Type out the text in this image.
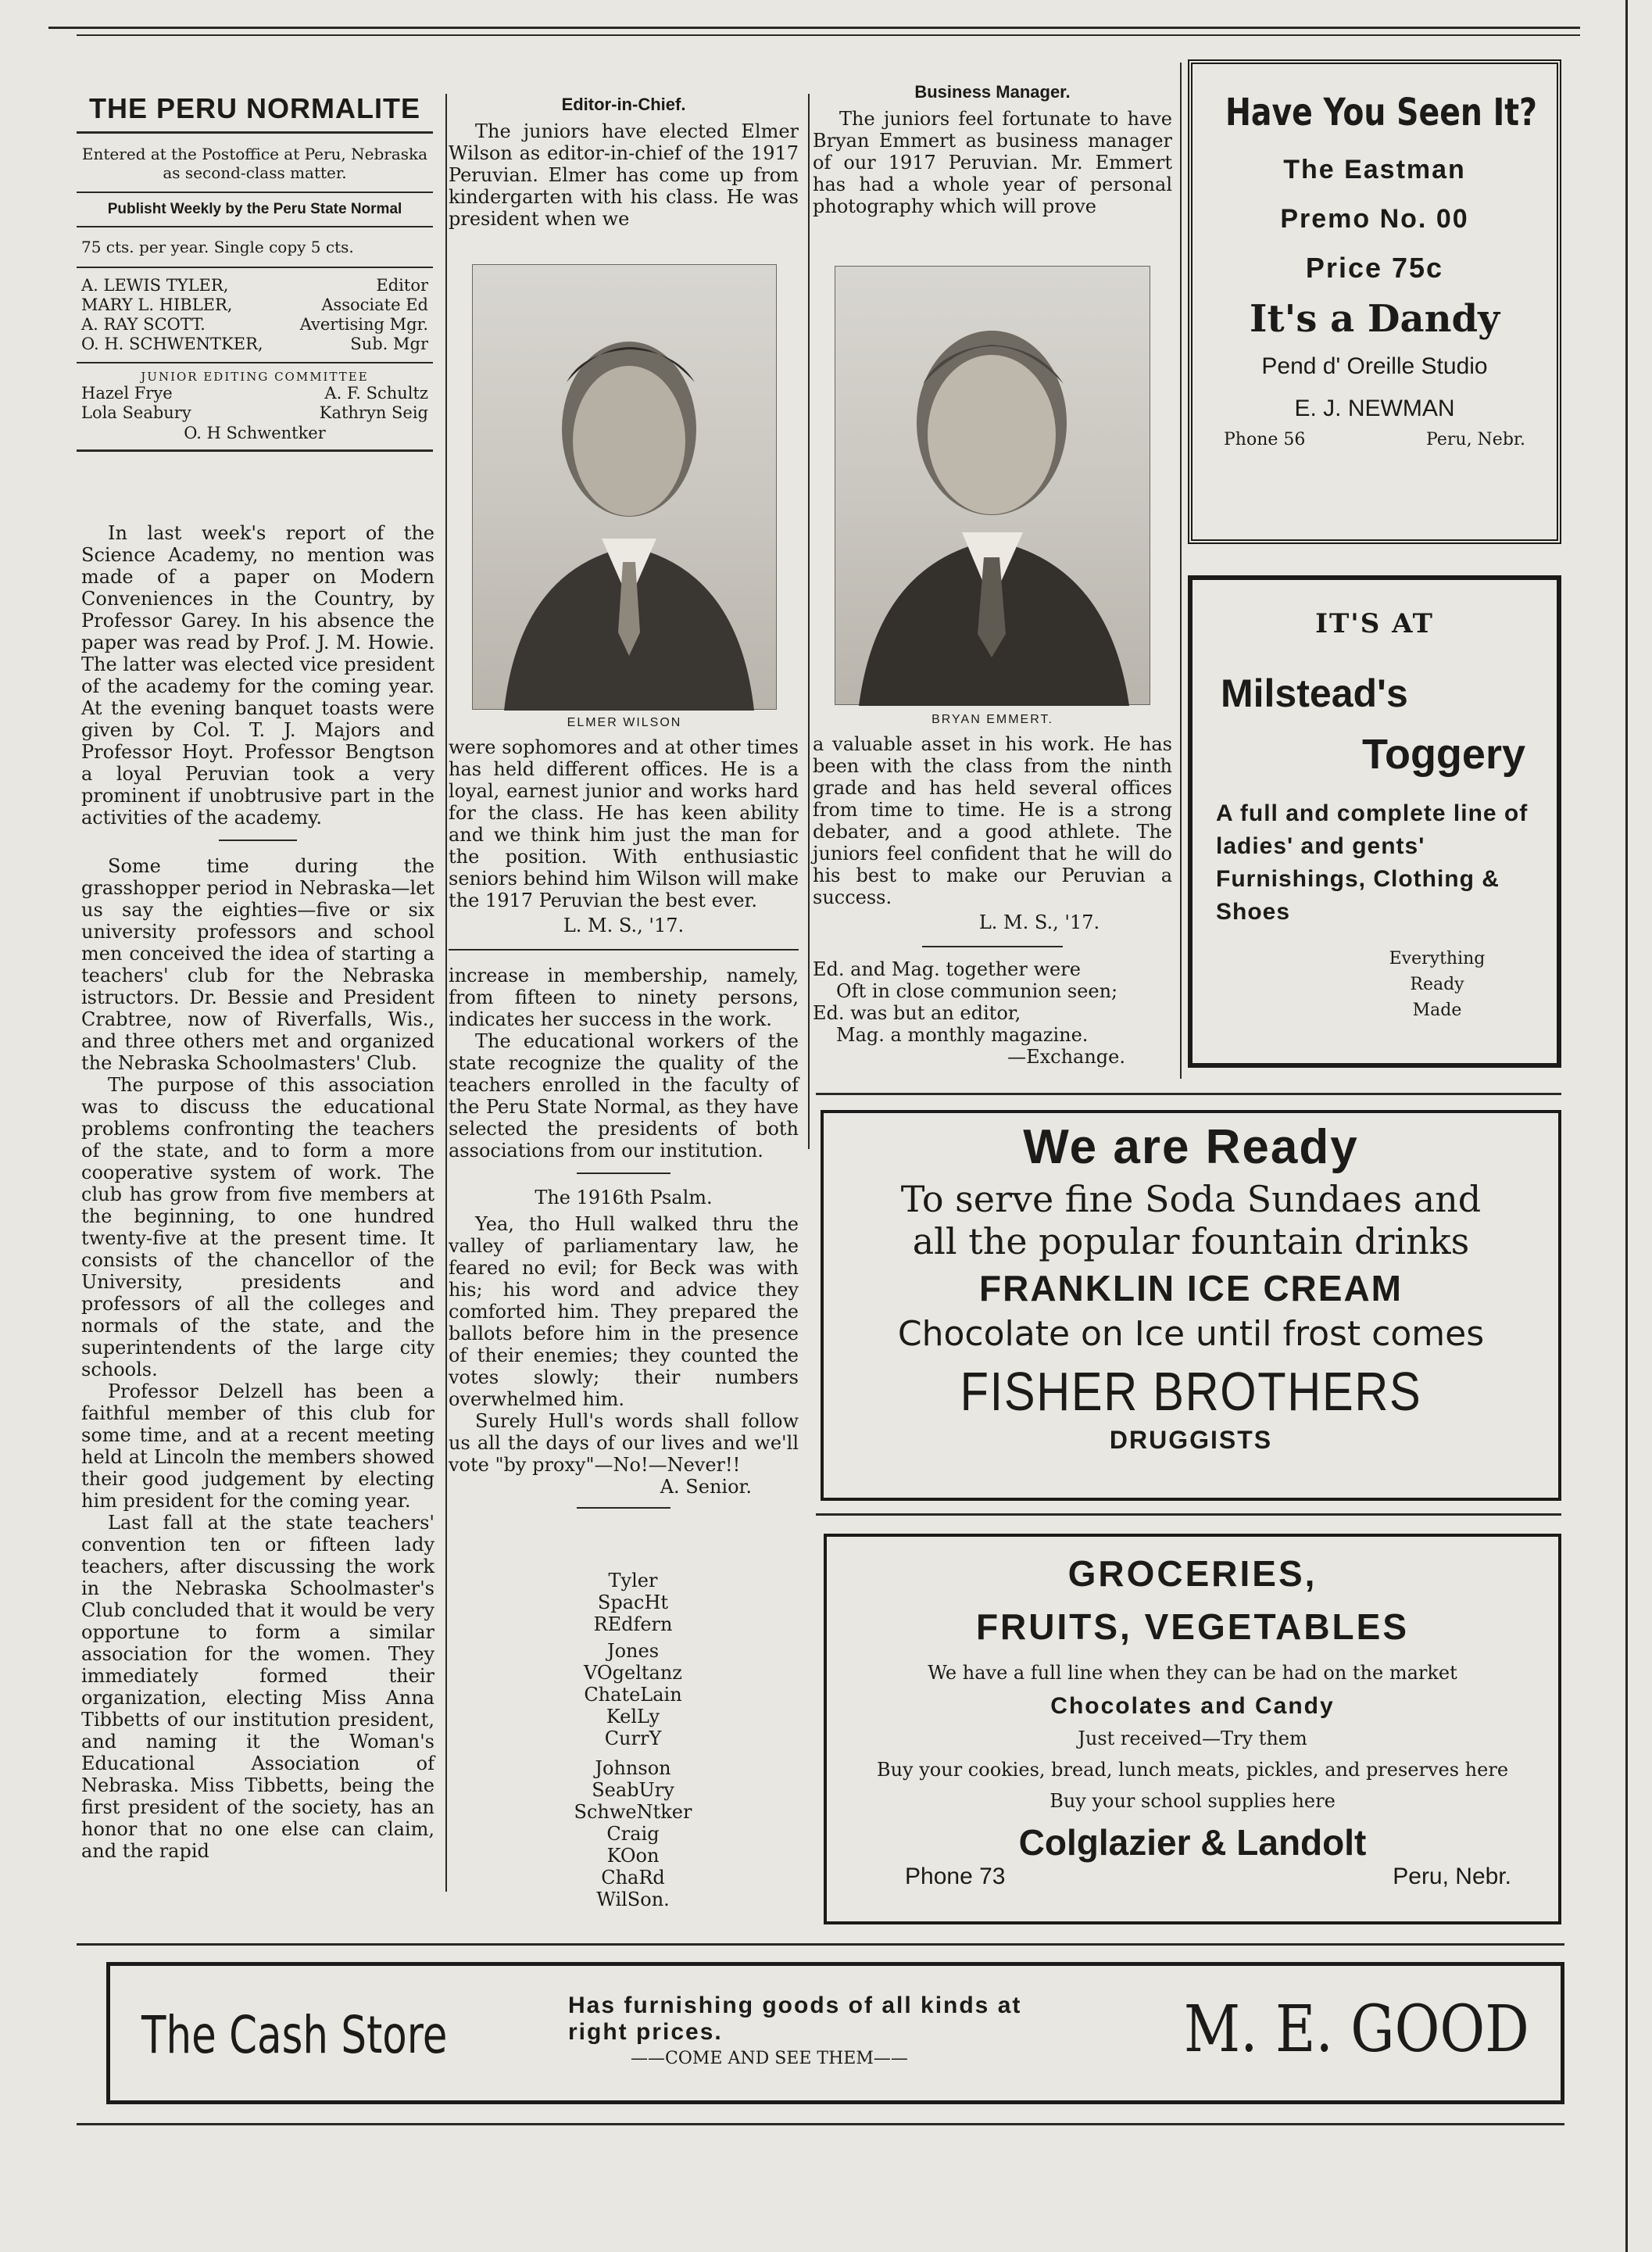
THE PERU NORMALITE
Entered at the Postoffice at Peru, Nebraska as second-class matter.
Publisht Weekly by the Peru State Normal
75 cts. per year. Single copy 5 cts.
A. LEWIS TYLER,	Editor
MARY L. HIBLER,	Associate Ed
A. RAY SCOTT.	Avertising Mgr.
O. H. SCHWENTKER,	Sub. Mgr
JUNIOR EDITING COMMITTEE
Hazel Frye	A. F. Schultz
Lola Seabury	Kathryn Seig
O. H Schwentker

In last week's report of the Science Academy, no mention was made of a paper on Modern Conveniences in the Country, by Professor Garey. In his absence the paper was read by Prof. J. M. Howie. The latter was elected vice president of the academy for the coming year. At the evening banquet toasts were given by Col. T. J. Majors and Professor Hoyt. Professor Bengtson a loyal Peruvian took a very prominent if unobtrusive part in the activities of the academy.

Some time during the grasshopper period in Nebraska—let us say the eighties—five or six university professors and school men conceived the idea of starting a teachers' club for the Nebraska istructors. Dr. Bessie and President Crabtree, now of Riverfalls, Wis., and three others met and organized the Nebraska Schoolmasters' Club.

The purpose of this association was to discuss the educational problems confronting the teachers of the state, and to form a more cooperative system of work. The club has grow from five members at the beginning, to one hundred twenty-five at the present time. It consists of the chancellor of the University, presidents and professors of all the colleges and normals of the state, and the superintendents of the large city schools.

Professor Delzell has been a faithful member of this club for some time, and at a recent meeting held at Lincoln the members showed their good judgement by electing him president for the coming year.

Last fall at the state teachers' convention ten or fifteen lady teachers, after discussing the work in the Nebraska Schoolmaster's Club concluded that it would be very opportune to form a similar association for the women. They immediately formed their organization, electing Miss Anna Tibbetts of our institution president, and naming it the Woman's Educational Association of Nebraska. Miss Tibbetts, being the first president of the society, has an honor that no one else can claim, and the rapid

Editor-in-Chief.
The juniors have elected Elmer Wilson as editor-in-chief of the 1917 Peruvian. Elmer has come up from kindergarten with his class. He was president when we
ELMER WILSON
were sophomores and at other times has held different offices. He is a loyal, earnest junior and works hard for the class. He has keen ability and we think him just the man for the position. With enthusiastic seniors behind him Wilson will make the 1917 Peruvian the best ever.
L. M. S., '17.
increase in membership, namely, from fifteen to ninety persons, indicates her success in the work.

The educational workers of the state recognize the quality of the teachers enrolled in the faculty of the Peru State Normal, as they have selected the presidents of both associations from our institution.

The 1916th Psalm.

Yea, tho Hull walked thru the valley of parliamentary law, he feared no evil; for Beck was with his; his word and advice they comforted him. They prepared the ballots before him in the presence of their enemies; they counted the votes slowly; their numbers overwhelmed him.

Surely Hull's words shall follow us all the days of our lives and we'll vote "by proxy"—No!—Never!!

A. Senior.
Tyler
SpacHt
REdfern
Jones
VOgeltanz
ChateLain
KelLy
CurrY
Johnson
SeabUry
SchweNtker
Craig
KOon
ChaRd
WilSon.
Business Manager.
The juniors feel fortunate to have Bryan Emmert as business manager of our 1917 Peruvian. Mr. Emmert has had a whole year of personal photography which will prove
BRYAN EMMERT.
a valuable asset in his work. He has been with the class from the ninth grade and has held several offices from time to time. He is a strong debater, and a good athlete. The juniors feel confident that he will do his best to make our Peruvian a success.
L. M. S., '17.
Ed. and Mag. together were
Oft in close communion seen;
Ed. was but an editor,
Mag. a monthly magazine.
—Exchange.
Have You Seen It?
The Eastman
Premo No. 00
Price 75c
It's a Dandy
Pend d' Oreille Studio
E. J. NEWMAN
Phone 56	Peru, Nebr.
IT'S AT
Milstead's
Toggery
A full and complete line of ladies' and gents' Furnishings, Clothing & Shoes
Everything
Ready
Made
We are Ready
To serve fine Soda Sundaes and
all the popular fountain drinks
FRANKLIN ICE CREAM
Chocolate on Ice until frost comes
FISHER BROTHERS
DRUGGISTS
GROCERIES,
FRUITS, VEGETABLES
We have a full line when they can be had on the market
Chocolates and Candy
Just received—Try them
Buy your cookies, bread, lunch meats, pickles, and preserves here
Buy your school supplies here
Colglazier & Landolt
Phone 73	Peru, Nebr.
The Cash Store	Has furnishing goods of all kinds at
right prices.
——COME AND SEE THEM——	M. E. GOOD
